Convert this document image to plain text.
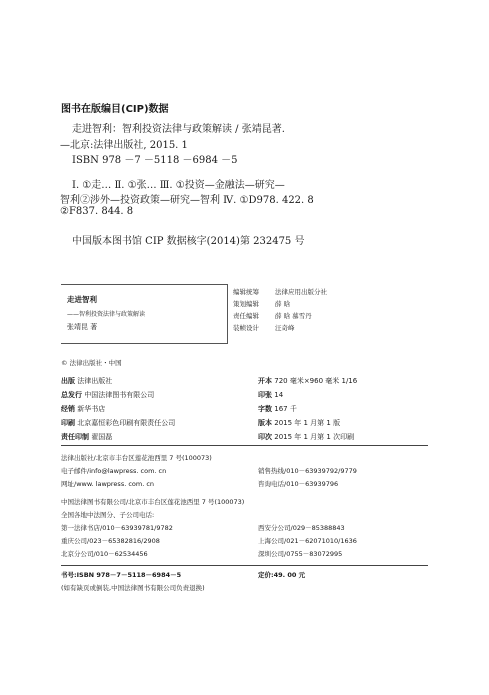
图书在版编目(CIP)数据
走进智利：智利投资法律与政策解读 / 张靖昆著.
—北京:法律出版社, 2015. 1
ISBN 978 －7 －5118 －6984 －5
Ⅰ. ①走… Ⅱ. ①张… Ⅲ. ①投资—金融法—研究—
智利②涉外—投资政策—研究—智利 Ⅳ. ①D978. 422. 8
②F837. 844. 8
中国版本图书馆 CIP 数据核字(2014)第 232475 号
走进智利
——智利投资法律与政策解读
张靖昆 著
编辑统筹 法律应用出版分社
策划编辑 薛 晗
责任编辑 薛 晗 慕雪丹
装帧设计 汪奇峰
© 法律出版社・中国
出版 法律出版社
总发行 中国法律图书有限公司
经销 新华书店
印刷 北京嘉恒彩色印刷有限责任公司
责任印制 翟国磊
开本 720 毫米×960 毫米 1/16
印张 14
字数 167 千
版本 2015 年 1 月第 1 版
印次 2015 年 1 月第 1 次印刷
法律出版社/北京市丰台区莲花池西里 7 号(100073)
电子邮件/info@lawpress. com. cn
网址/www. lawpress. com. cn
销售热线/010－63939792/9779
咨询电话/010－63939796
中国法律图书有限公司/北京市丰台区莲花池西里 7 号(100073)
全国各地中法图分、子公司电话:
第一法律书店/010－63939781/9782
重庆公司/023－65382816/2908
北京分公司/010－62534456
西安分公司/029－85388843
上海公司/021－62071010/1636
深圳公司/0755－83072995
书号:ISBN 978－7－5118－6984－5	定价:49. 00 元
(如有缺页或倒装,中国法律图书有限公司负责退换)
